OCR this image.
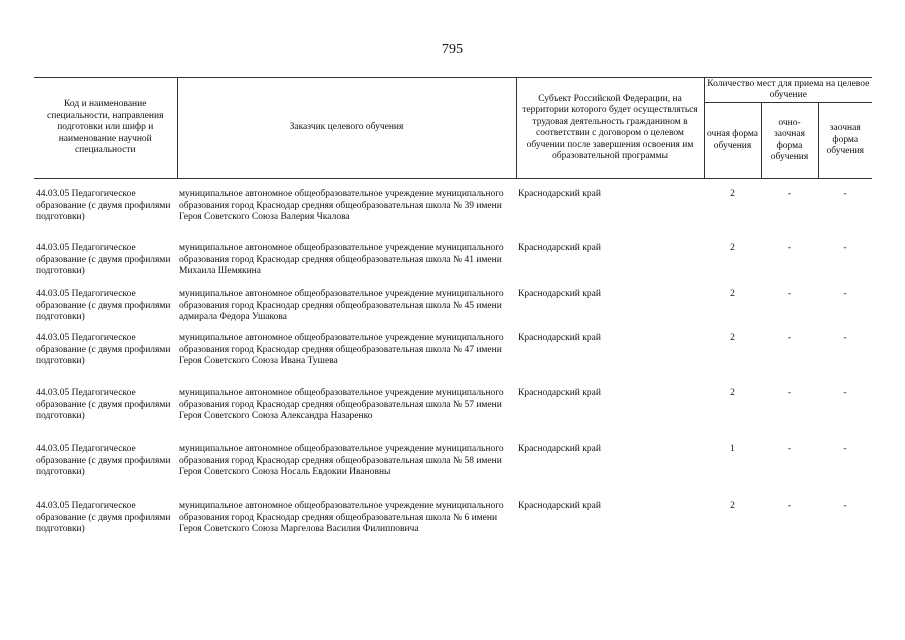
795
Код и наименование специальности, направления подготовки или шифр и наименование научной специальности	Заказчик целевого обучения	Субъект Российской Федерации, на территории которого будет осуществляться трудовая деятельность гражданином в соответствии с договором о целевом обучении после завершения освоения им образовательной программы	Количество мест для приема на целевое обучение		
			очная форма обучения	очно-заочная форма обучения	заочная форма обучения

44.03.05 Педагогическое образование (с двумя профилями подготовки)	муниципальное автономное общеобразовательное учреждение муниципального образования город Краснодар средняя общеобразовательная школа № 39 имени Героя Советского Союза Валерия Чкалова	Краснодарский край	2	-	-
44.03.05 Педагогическое образование (с двумя профилями подготовки)	муниципальное автономное общеобразовательное учреждение муниципального образования город Краснодар средняя общеобразовательная школа № 41 имени Михаила Шемякина	Краснодарский край	2	-	-
44.03.05 Педагогическое образование (с двумя профилями подготовки)	муниципальное автономное общеобразовательное учреждение муниципального образования город Краснодар средняя общеобразовательная школа № 45 имени адмирала Федора Ушакова	Краснодарский край	2	-	-
44.03.05 Педагогическое образование (с двумя профилями подготовки)	муниципальное автономное общеобразовательное учреждение муниципального образования город Краснодар средняя общеобразовательная школа № 47 имени Героя Советского Союза Ивана Тушева	Краснодарский край	2	-	-
44.03.05 Педагогическое образование (с двумя профилями подготовки)	муниципальное автономное общеобразовательное учреждение муниципального образования город Краснодар средняя общеобразовательная школа № 57 имени Героя Советского Союза Александра Назаренко	Краснодарский край	2	-	-
44.03.05 Педагогическое образование (с двумя профилями подготовки)	муниципальное автономное общеобразовательное учреждение муниципального образования город Краснодар средняя общеобразовательная школа № 58 имени Героя Советского Союза Носаль Евдокии Ивановны	Краснодарский край	1	-	-
44.03.05 Педагогическое образование (с двумя профилями подготовки)	муниципальное автономное общеобразовательное учреждение муниципального образования город Краснодар средняя общеобразовательная школа № 6 имени Героя Советского Союза Маргелова Василия Филипповича	Краснодарский край	2	-	-
